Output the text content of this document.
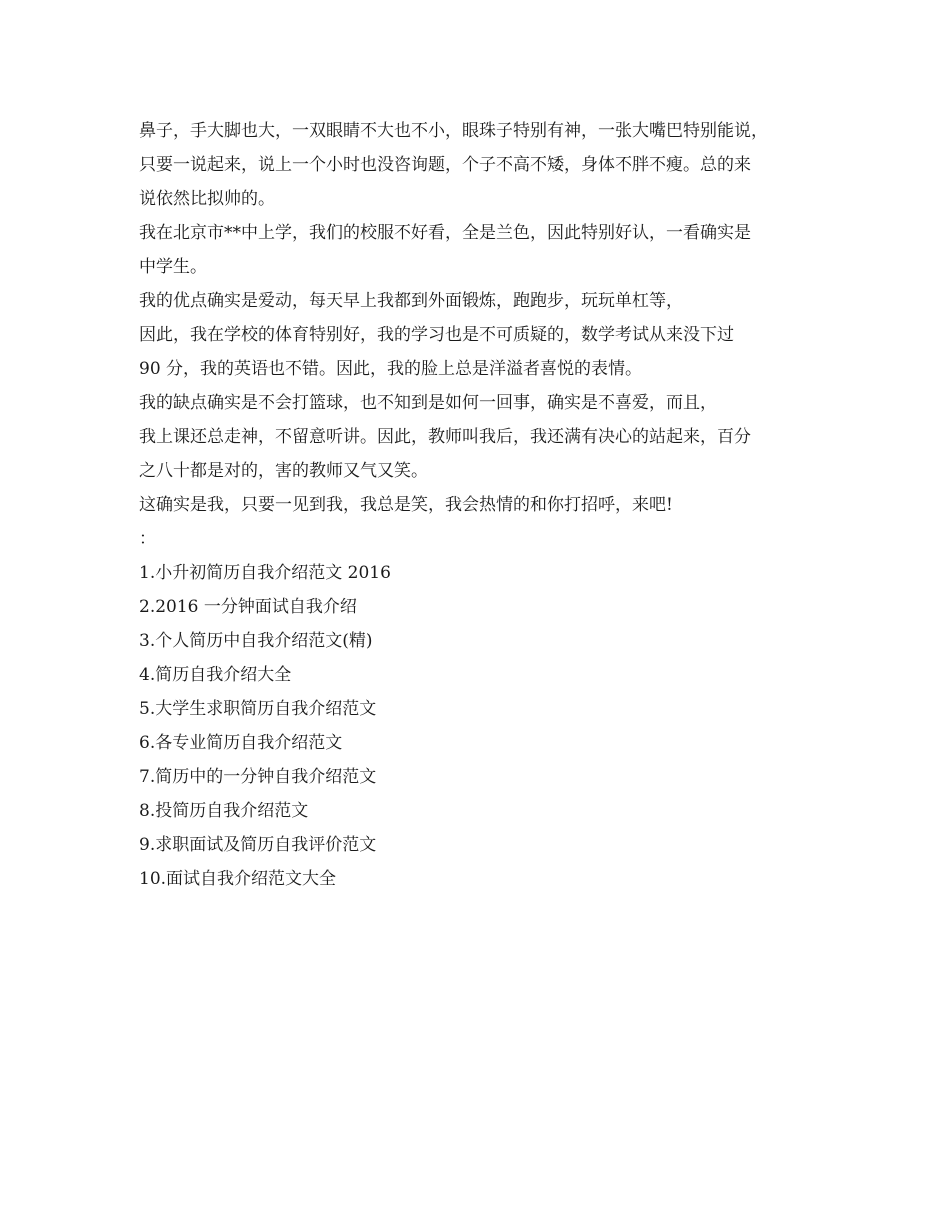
鼻子，手大脚也大，一双眼睛不大也不小，眼珠子特别有神，一张大嘴巴特别能说，
只要一说起来，说上一个小时也没咨询题，个子不高不矮，身体不胖不瘦。总的来
说依然比拟帅的。
我在北京市**中上学，我们的校服不好看，全是兰色，因此特别好认，一看确实是
中学生。
我的优点确实是爱动，每天早上我都到外面锻炼，跑跑步，玩玩单杠等，
因此，我在学校的体育特别好，我的学习也是不可质疑的，数学考试从来没下过
90 分，我的英语也不错。因此，我的脸上总是洋溢者喜悦的表情。
我的缺点确实是不会打篮球，也不知到是如何一回事，确实是不喜爱，而且，
我上课还总走神，不留意听讲。因此，教师叫我后，我还满有决心的站起来，百分
之八十都是对的，害的教师又气又笑。
这确实是我，只要一见到我，我总是笑，我会热情的和你打招呼，来吧!
：
1.小升初简历自我介绍范文 2016
2.2016 一分钟面试自我介绍
3.个人简历中自我介绍范文(精)
4.简历自我介绍大全
5.大学生求职简历自我介绍范文
6.各专业简历自我介绍范文
7.简历中的一分钟自我介绍范文
8.投简历自我介绍范文
9.求职面试及简历自我评价范文
10.面试自我介绍范文大全
